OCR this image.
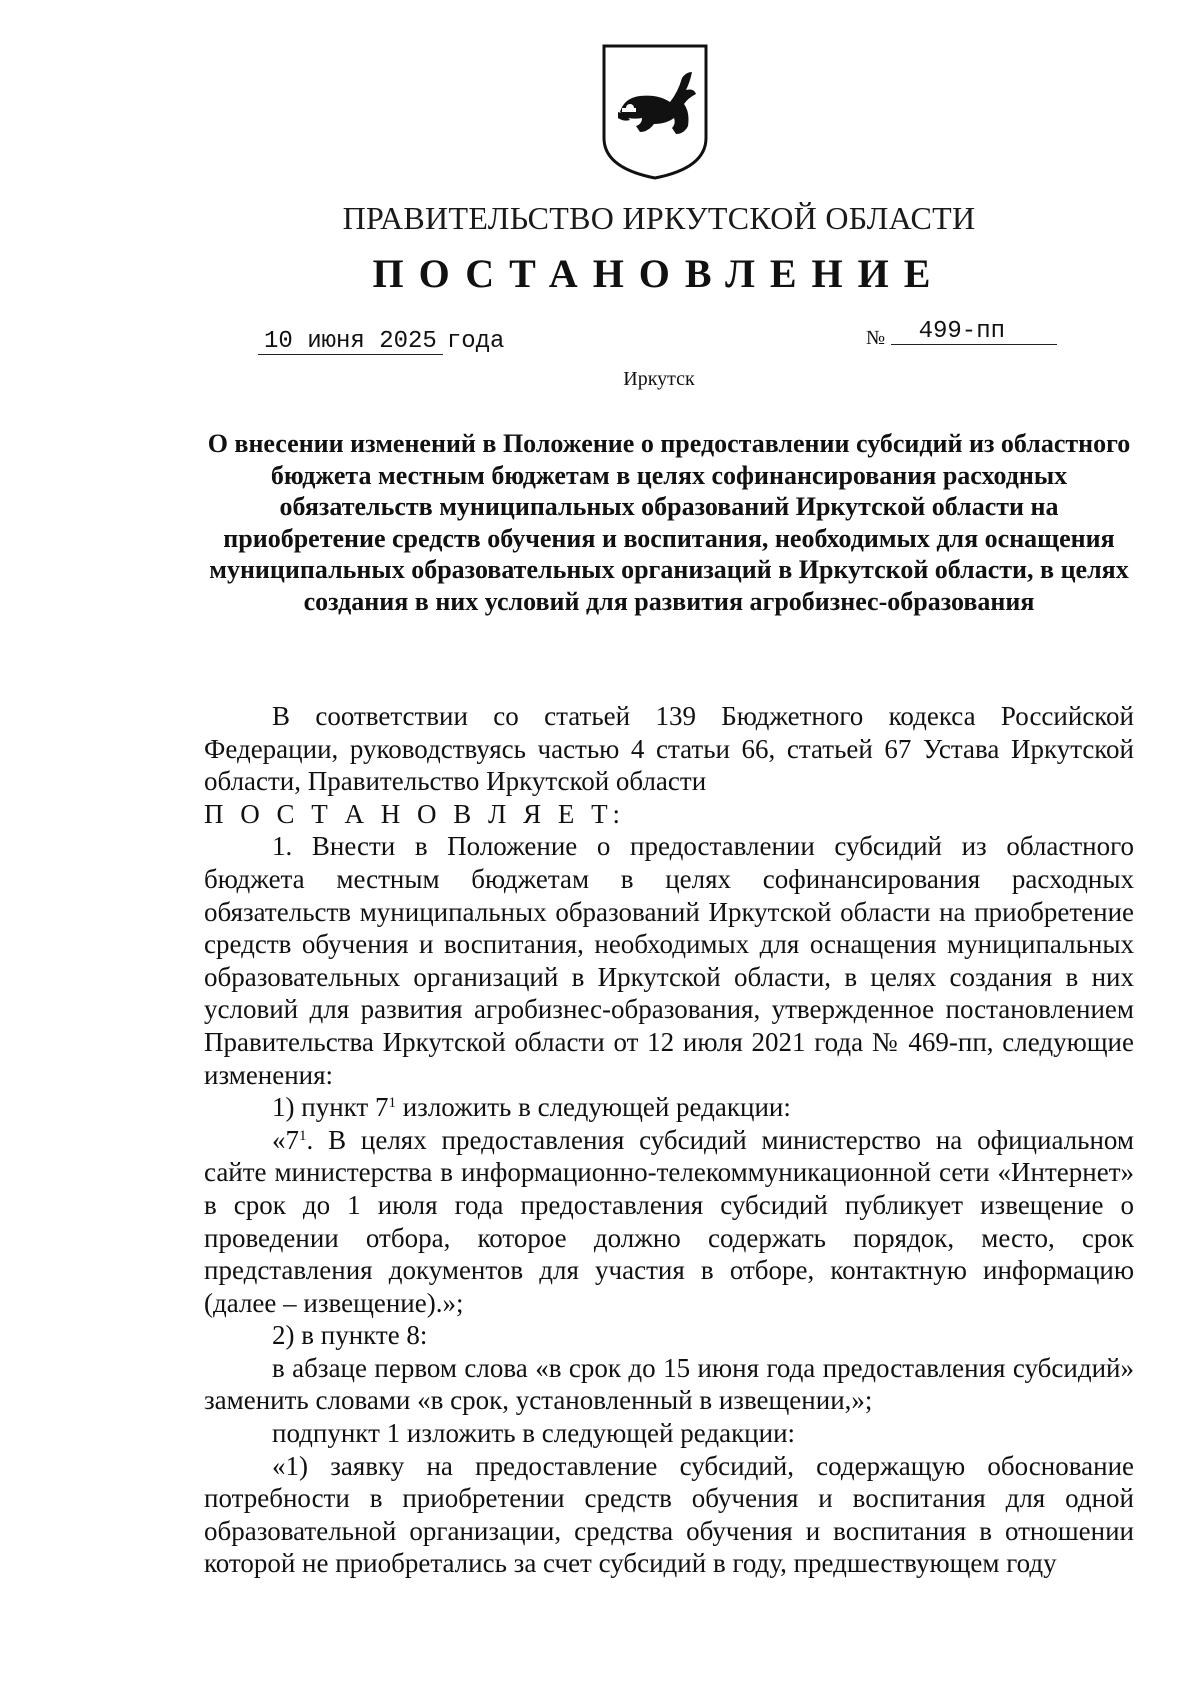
ПРАВИТЕЛЬСТВО ИРКУТСКОЙ ОБЛАСТИ
ПОСТАНОВЛЕНИЕ
10 июня 2025 года	№ 499-пп
Иркутск
О внесении изменений в Положение о предоставлении субсидий из областного бюджета местным бюджетам в целях софинансирования расходных обязательств муниципальных образований Иркутской области на приобретение средств обучения и воспитания, необходимых для оснащения муниципальных образовательных организаций в Иркутской области, в целях создания в них условий для развития агробизнес-образования

В соответствии со статьей 139 Бюджетного кодекса Российской Федерации, руководствуясь частью 4 статьи 66, статьей 67 Устава Иркутской области, Правительство Иркутской области

П О С Т А Н О В Л Я Е Т:

1. Внести в Положение о предоставлении субсидий из областного бюджета местным бюджетам в целях софинансирования расходных обязательств муниципальных образований Иркутской области на приобретение средств обучения и воспитания, необходимых для оснащения муниципальных образовательных организаций в Иркутской области, в целях создания в них условий для развития агробизнес-образования, утвержденное постановлением Правительства Иркутской области от 12 июля 2021 года № 469-пп, следующие изменения:

1) пункт $7^1$ изложить в следующей редакции:

«$7^1$. В целях предоставления субсидий министерство на официальном сайте министерства в информационно-телекоммуникационной сети «Интернет» в срок до 1 июля года предоставления субсидий публикует извещение о проведении отбора, которое должно содержать порядок, место, срок представления документов для участия в отборе, контактную информацию (далее – извещение).»;

2) в пункте 8:

в абзаце первом слова «в срок до 15 июня года предоставления субсидий» заменить словами «в срок, установленный в извещении,»;

подпункт 1 изложить в следующей редакции:

«1) заявку на предоставление субсидий, содержащую обоснование потребности в приобретении средств обучения и воспитания для одной образовательной организации, средства обучения и воспитания в отношении которой не приобретались за счет субсидий в году, предшествующем году
